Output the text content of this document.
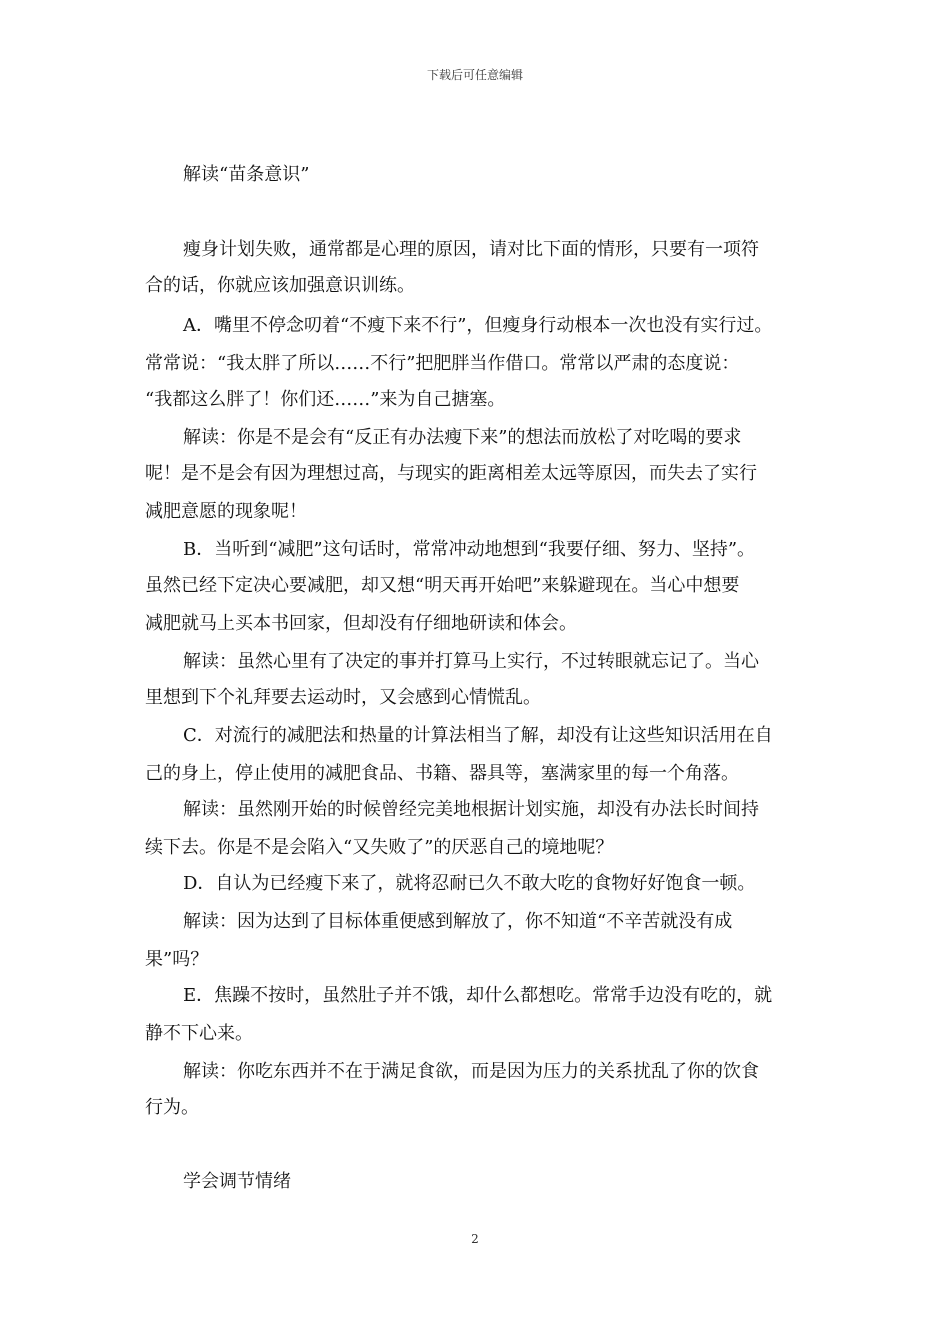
下载后可任意编辑
解读“苗条意识”
瘦身计划失败，通常都是心理的原因，请对比下面的情形，只要有一项符
合的话，你就应该加强意识训练。
A．嘴里不停念叨着“不瘦下来不行”，但瘦身行动根本一次也没有实行过。
常常说：“我太胖了所以……不行”把肥胖当作借口。常常以严肃的态度说：
“我都这么胖了！你们还……”来为自己搪塞。
解读：你是不是会有“反正有办法瘦下来”的想法而放松了对吃喝的要求
呢！是不是会有因为理想过高，与现实的距离相差太远等原因，而失去了实行
减肥意愿的现象呢！
B．当听到“减肥”这句话时，常常冲动地想到“我要仔细、努力、坚持”。
虽然已经下定决心要减肥，却又想“明天再开始吧”来躲避现在。当心中想要
减肥就马上买本书回家，但却没有仔细地研读和体会。
解读：虽然心里有了决定的事并打算马上实行，不过转眼就忘记了。当心
里想到下个礼拜要去运动时，又会感到心情慌乱。
C．对流行的减肥法和热量的计算法相当了解，却没有让这些知识活用在自
己的身上，停止使用的减肥食品、书籍、器具等，塞满家里的每一个角落。
解读：虽然刚开始的时候曾经完美地根据计划实施，却没有办法长时间持
续下去。你是不是会陷入“又失败了”的厌恶自己的境地呢？
D．自认为已经瘦下来了，就将忍耐已久不敢大吃的食物好好饱食一顿。
解读：因为达到了目标体重便感到解放了，你不知道“不辛苦就没有成
果”吗？
E．焦躁不按时，虽然肚子并不饿，却什么都想吃。常常手边没有吃的，就
静不下心来。
解读：你吃东西并不在于满足食欲，而是因为压力的关系扰乱了你的饮食
行为。
学会调节情绪
2
